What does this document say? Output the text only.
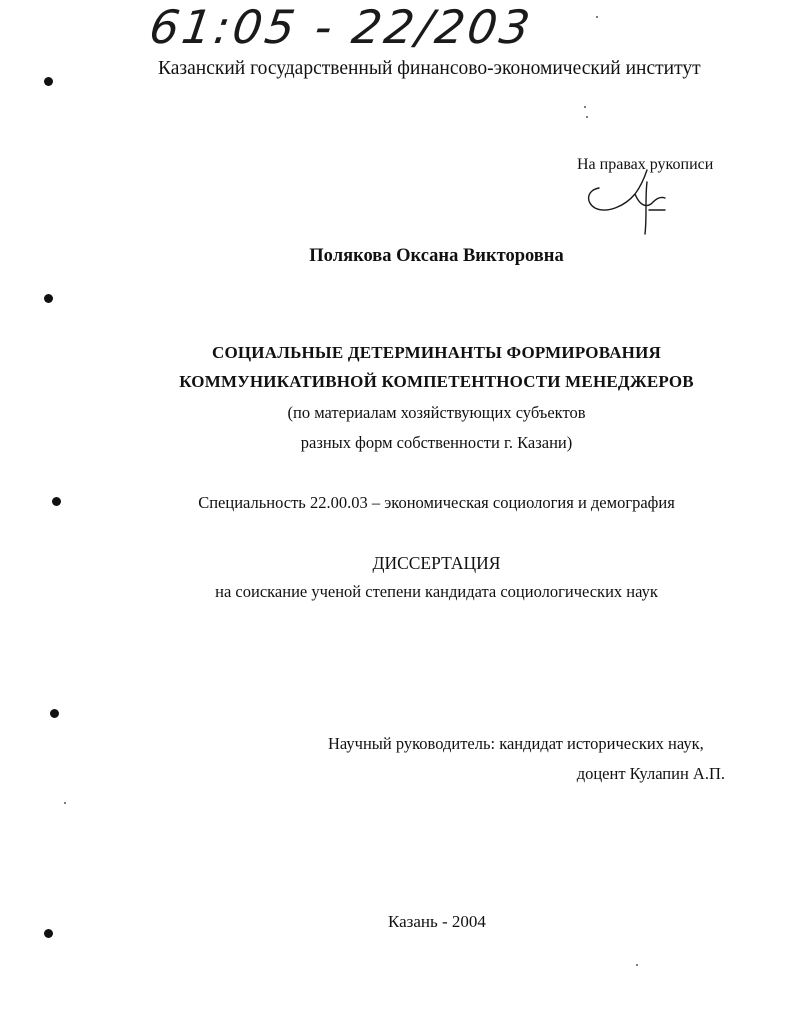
61:05 - 22/203
Казанский государственный финансово-экономический институт
На правах рукописи
Полякова Оксана Викторовна
СОЦИАЛЬНЫЕ ДЕТЕРМИНАНТЫ ФОРМИРОВАНИЯ
КОММУНИКАТИВНОЙ КОМПЕТЕНТНОСТИ МЕНЕДЖЕРОВ
(по материалам хозяйствующих субъектов
разных форм собственности г. Казани)
Специальность 22.00.03 – экономическая социология и демография
ДИССЕРТАЦИЯ
на соискание ученой степени кандидата социологических наук
Научный руководитель: кандидат исторических наук,
доцент Кулапин А.П.
Казань - 2004
